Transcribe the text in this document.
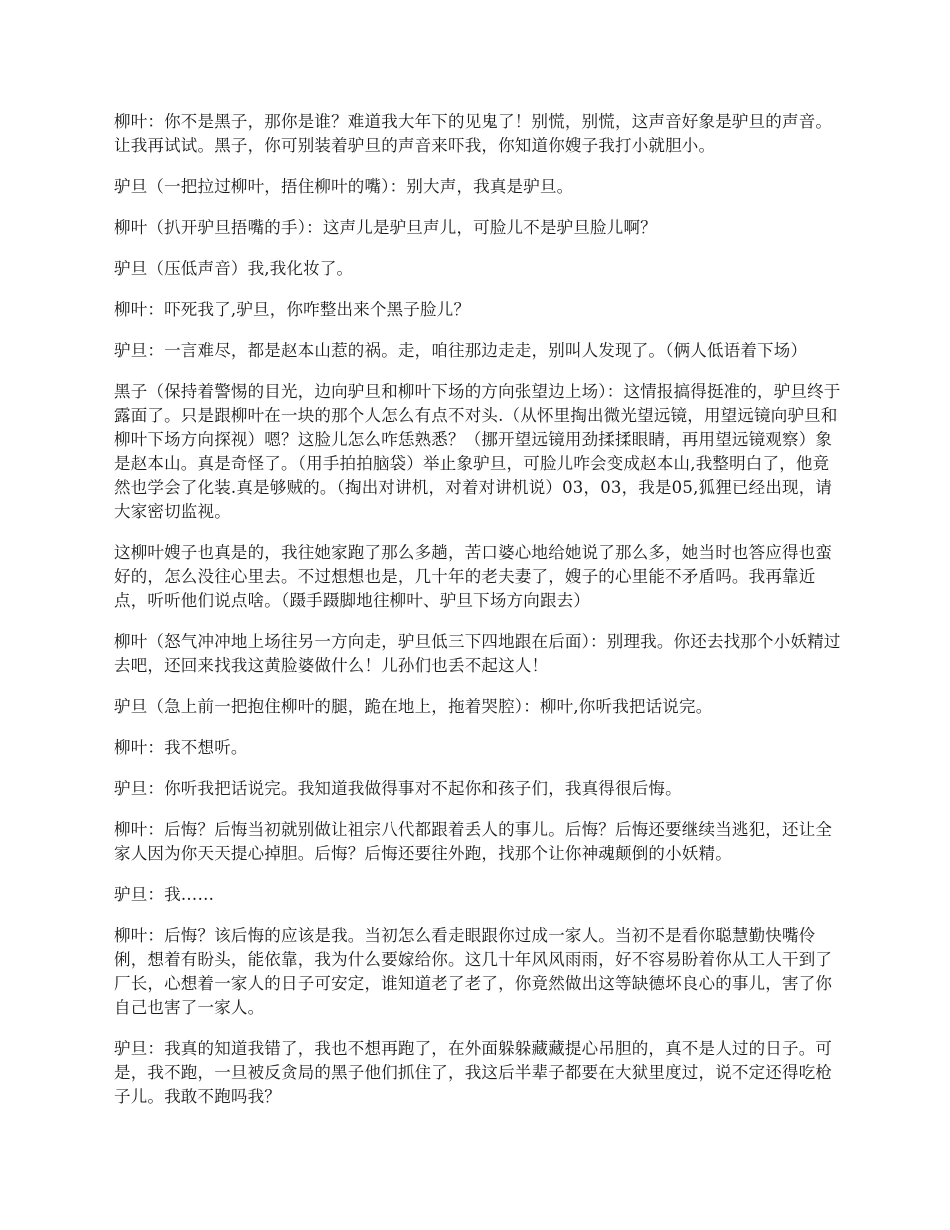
柳叶：你不是黑子，那你是谁？难道我大年下的见鬼了！别慌，别慌，这声音好象是驴旦的声音。让我再试试。黑子，你可别装着驴旦的声音来吓我，你知道你嫂子我打小就胆小。

驴旦（一把拉过柳叶，捂住柳叶的嘴）：别大声，我真是驴旦。

柳叶（扒开驴旦捂嘴的手）：这声儿是驴旦声儿，可脸儿不是驴旦脸儿啊？

驴旦（压低声音）我,我化妆了。

柳叶：吓死我了,驴旦，你咋整出来个黑子脸儿？

驴旦：一言难尽，都是赵本山惹的祸。走，咱往那边走走，别叫人发现了。（俩人低语着下场）

黑子（保持着警惕的目光，边向驴旦和柳叶下场的方向张望边上场）：这情报搞得挺准的，驴旦终于露面了。只是跟柳叶在一块的那个人怎么有点不对头.（从怀里掏出微光望远镜，用望远镜向驴旦和柳叶下场方向探视）嗯？这脸儿怎么咋恁熟悉？（挪开望远镜用劲揉揉眼睛，再用望远镜观察）象是赵本山。真是奇怪了。（用手拍拍脑袋）举止象驴旦，可脸儿咋会变成赵本山,我整明白了，他竟然也学会了化装.真是够贼的。（掏出对讲机，对着对讲机说）03，03，我是05,狐狸已经出现，请大家密切监视。

这柳叶嫂子也真是的，我往她家跑了那么多趟，苦口婆心地给她说了那么多，她当时也答应得也蛮好的，怎么没往心里去。不过想想也是，几十年的老夫妻了，嫂子的心里能不矛盾吗。我再靠近点，听听他们说点啥。（蹑手蹑脚地往柳叶、驴旦下场方向跟去）

柳叶（怒气冲冲地上场往另一方向走，驴旦低三下四地跟在后面）：别理我。你还去找那个小妖精过去吧，还回来找我这黄脸婆做什么！儿孙们也丢不起这人！

驴旦（急上前一把抱住柳叶的腿，跪在地上，拖着哭腔）：柳叶,你听我把话说完。

柳叶：我不想听。

驴旦：你听我把话说完。我知道我做得事对不起你和孩子们，我真得很后悔。

柳叶：后悔？后悔当初就别做让祖宗八代都跟着丢人的事儿。后悔？后悔还要继续当逃犯，还让全家人因为你天天提心掉胆。后悔？后悔还要往外跑，找那个让你神魂颠倒的小妖精。

驴旦：我……

柳叶：后悔？该后悔的应该是我。当初怎么看走眼跟你过成一家人。当初不是看你聪慧勤快嘴伶俐，想着有盼头，能依靠，我为什么要嫁给你。这几十年风风雨雨，好不容易盼着你从工人干到了厂长，心想着一家人的日子可安定，谁知道老了老了，你竟然做出这等缺德坏良心的事儿，害了你自己也害了一家人。

驴旦：我真的知道我错了，我也不想再跑了，在外面躲躲藏藏提心吊胆的，真不是人过的日子。可是，我不跑，一旦被反贪局的黑子他们抓住了，我这后半辈子都要在大狱里度过，说不定还得吃枪子儿。我敢不跑吗我？
